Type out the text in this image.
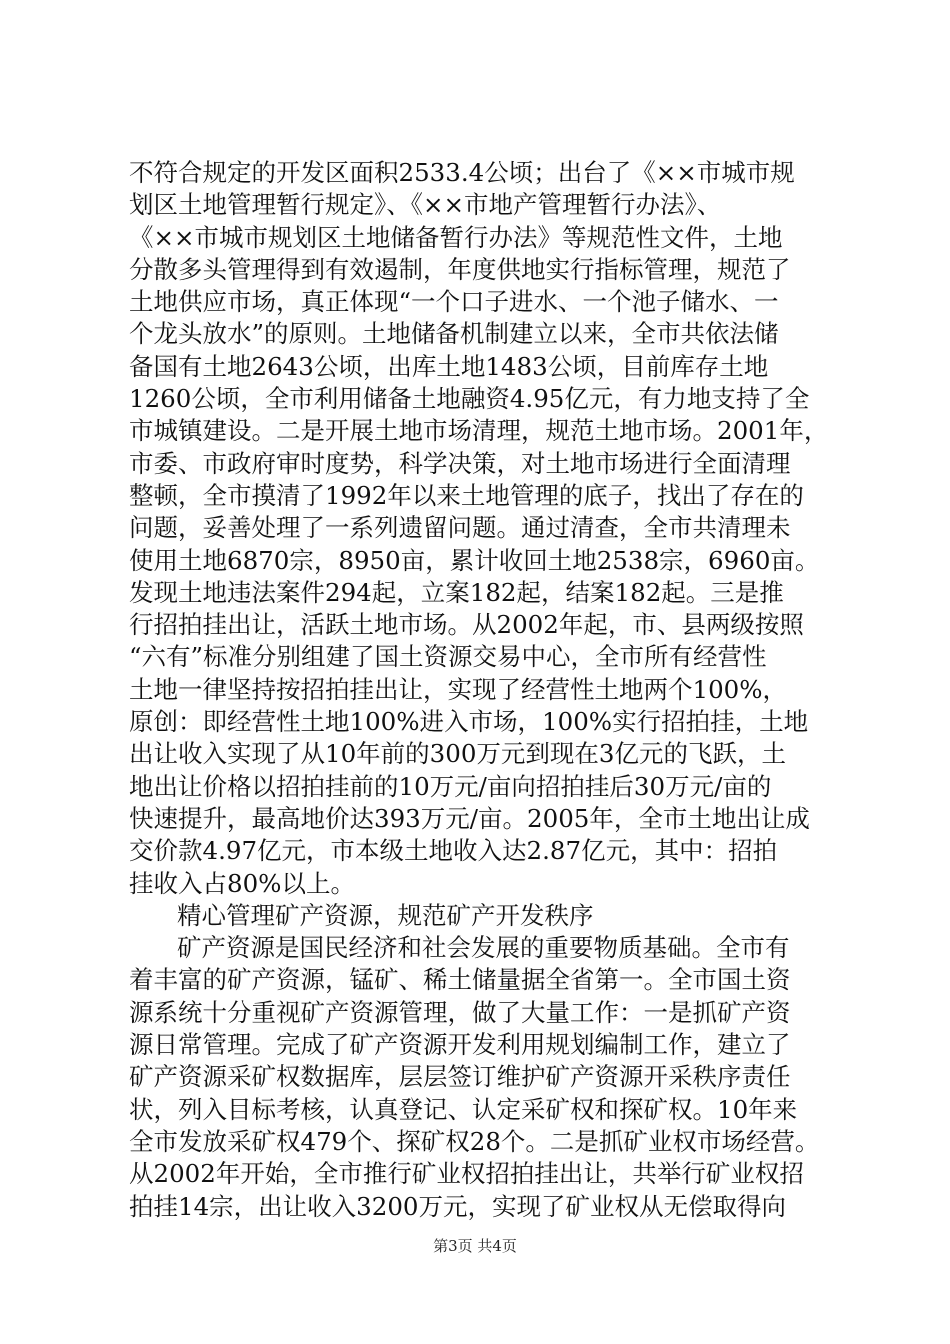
不符合规定的开发区面积2533.4公顷；出台了《××市城市规
划区土地管理暂行规定》、《××市地产管理暂行办法》、
《××市城市规划区土地储备暂行办法》等规范性文件，土地
分散多头管理得到有效遏制，年度供地实行指标管理，规范了
土地供应市场，真正体现“一个口子进水、一个池子储水、一
个龙头放水”的原则。土地储备机制建立以来，全市共依法储
备国有土地2643公顷，出库土地1483公顷，目前库存土地
1260公顷，全市利用储备土地融资4.95亿元，有力地支持了全
市城镇建设。二是开展土地市场清理，规范土地市场。2001年，
市委、市政府审时度势，科学决策，对土地市场进行全面清理
整顿，全市摸清了1992年以来土地管理的底子，找出了存在的
问题，妥善处理了一系列遗留问题。通过清查，全市共清理未
使用土地6870宗，8950亩，累计收回土地2538宗，6960亩。
发现土地违法案件294起，立案182起，结案182起。三是推
行招拍挂出让，活跃土地市场。从2002年起，市、县两级按照
“六有”标准分别组建了国土资源交易中心，全市所有经营性
土地一律坚持按招拍挂出让，实现了经营性土地两个100%，
原创：即经营性土地100%进入市场，100%实行招拍挂，土地
出让收入实现了从10年前的300万元到现在3亿元的飞跃，土
地出让价格以招拍挂前的10万元/亩向招拍挂后30万元/亩的
快速提升，最高地价达393万元/亩。2005年，全市土地出让成
交价款4.97亿元，市本级土地收入达2.87亿元，其中：招拍
挂收入占80%以上。
精心管理矿产资源，规范矿产开发秩序
矿产资源是国民经济和社会发展的重要物质基础。全市有
着丰富的矿产资源，锰矿、稀土储量据全省第一。全市国土资
源系统十分重视矿产资源管理，做了大量工作：一是抓矿产资
源日常管理。完成了矿产资源开发利用规划编制工作，建立了
矿产资源采矿权数据库，层层签订维护矿产资源开采秩序责任
状，列入目标考核，认真登记、认定采矿权和探矿权。10年来
全市发放采矿权479个、探矿权28个。二是抓矿业权市场经营。
从2002年开始，全市推行矿业权招拍挂出让，共举行矿业权招
拍挂14宗，出让收入3200万元，实现了矿业权从无偿取得向
第3页 共4页
